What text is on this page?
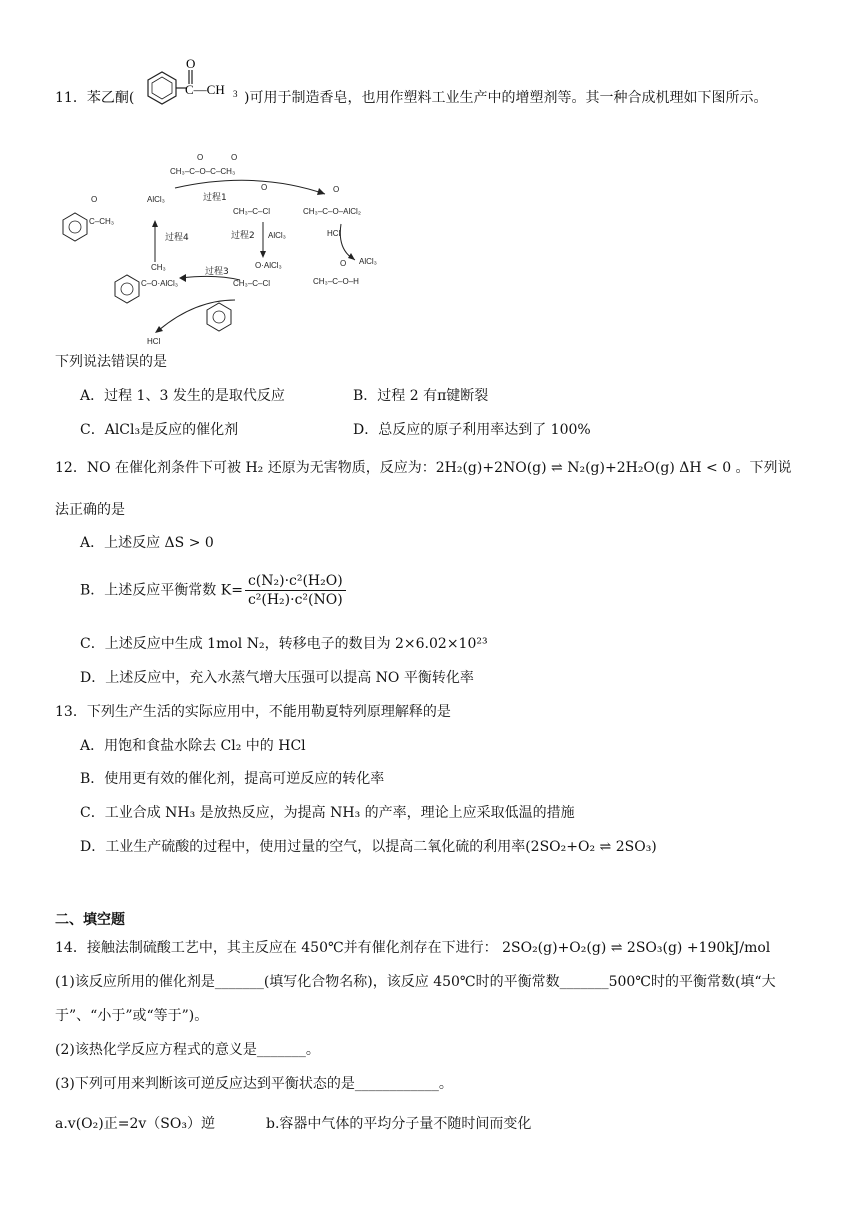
11．苯乙酮(
O
C—CH 3 )可用于制造香皂，也用作塑料工业生产中的增塑剂等。其一种合成机理如下图所示。
CH₃–C–O–C–CH₃
O	O
AlCl₃	过程1
O
CH₃–C–Cl
O
CH₃–C–O–AlCl₂
HCl
AlCl₃
O
CH₃–C–O–H
过程2 AlCl₃
O·AlCl₃
CH₃–C–Cl
过程3
HCl
CH₃
C–O·AlCl₃
过程4
O
C–CH₃
下列说法错误的是
A．过程 1、3 发生的是取代反应	B．过程 2 有π键断裂
C．AlCl₃是反应的催化剂	D．总反应的原子利用率达到了 100%
12．NO 在催化剂条件下可被 H₂ 还原为无害物质，反应为：2H₂(g)+2NO(g) ⇌ N₂(g)+2H₂O(g) ΔH < 0 。下列说
法正确的是
A．上述反应 ΔS > 0
B．上述反应平衡常数 $K= \frac{\text{c(N₂)·c²(H₂O)}}{\text{c²(H₂)·c²(NO)}}$
C．上述反应中生成 1mol N₂，转移电子的数目为 2×6.02×10²³
D．上述反应中，充入水蒸气增大压强可以提高 NO 平衡转化率
13．下列生产生活的实际应用中，不能用勒夏特列原理解释的是
A．用饱和食盐水除去 Cl₂ 中的 HCl
B．使用更有效的催化剂，提高可逆反应的转化率
C．工业合成 NH₃ 是放热反应，为提高 NH₃ 的产率，理论上应采取低温的措施
D．工业生产硫酸的过程中，使用过量的空气，以提高二氧化硫的利用率(2SO₂+O₂ ⇌ 2SO₃)
二、填空题
14．接触法制硫酸工艺中，其主反应在 450℃并有催化剂存在下进行： 2SO₂(g)+O₂(g) ⇌ 2SO₃(g) +190kJ/mol
(1)该反应所用的催化剂是_______(填写化合物名称)，该反应 450℃时的平衡常数_______500℃时的平衡常数(填“大
于”、“小于”或“等于”)。
(2)该热化学反应方程式的意义是_______。
(3)下列可用来判断该可逆反应达到平衡状态的是____________。
a.v(O₂)正=2v（SO₃）逆	b.容器中气体的平均分子量不随时间而变化
